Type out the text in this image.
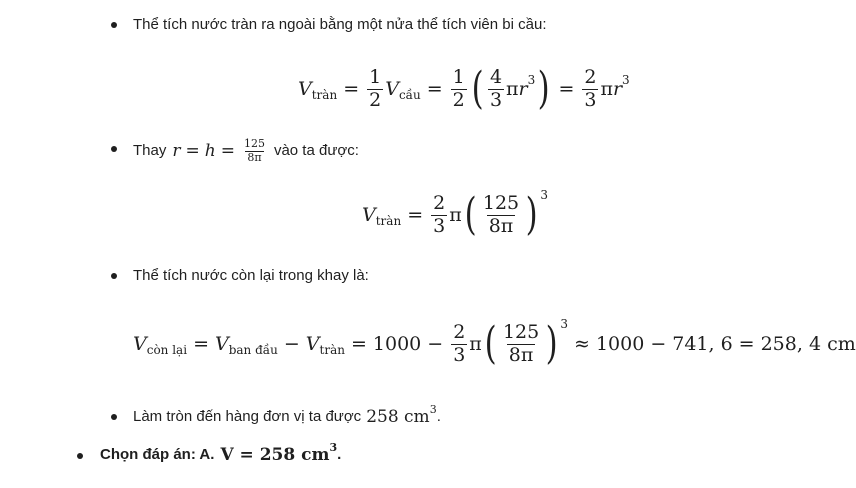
Thể tích nước tràn ra ngoài bằng một nửa thể tích viên bi cầu:
V tràn = $\frac{1}{2}$ V cầu = $\frac{1}{2}$ ( $\frac{4}{3}$ π r 3 ) = $\frac{2}{3}$ π r 3
Thay $r = h = \frac{125}{8\pi}$ vào ta được:
V tràn = $\frac{2}{3}$ π ( $\frac{125}{8\pi}$ ) 3
Thể tích nước còn lại trong khay là:
V còn lại = V ban đầu − V tràn = $1000 - \frac{2}{3}$ π ( $\frac{125}{8\pi}$ ) 3
≈ 1000 − 741, 6 = 258, 4 cm
Làm tròn đến hàng đơn vị ta được 258 cm 3 .
Chọn đáp án: A. V = 258 cm 3 .
